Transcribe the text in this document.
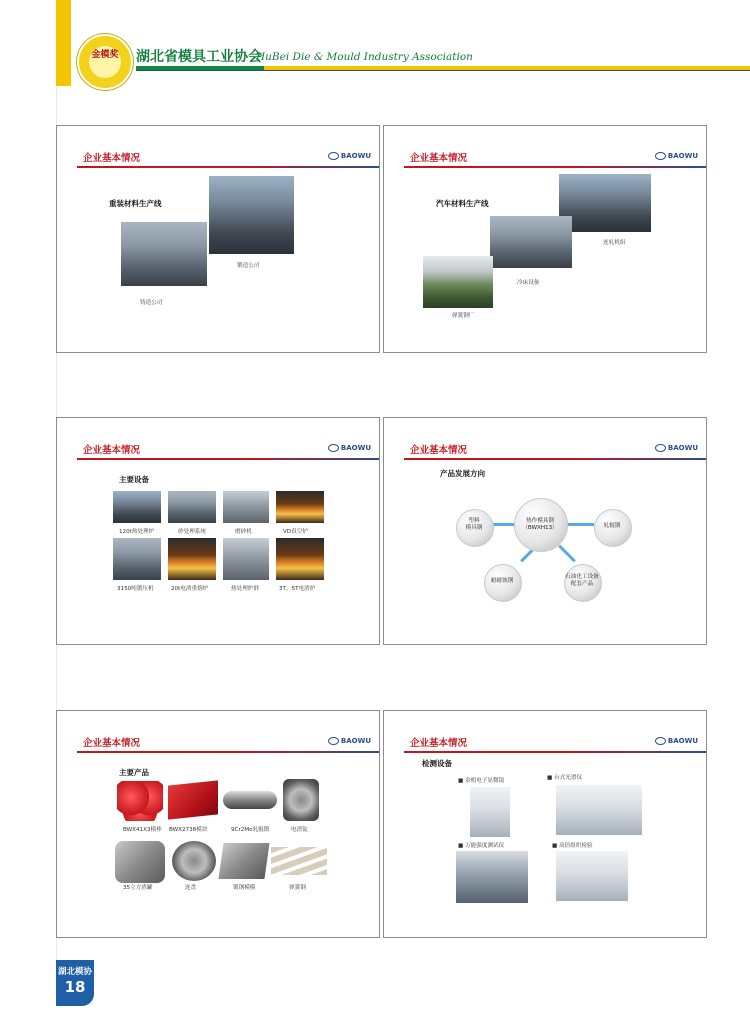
金模奖 湖北省模具工业协会
HuBei Die & Mould Industry Association
企业基本情况	BAOWU
重装材料生产线
锻造公司
铸造公司
企业基本情况	BAOWU
汽车材料生产线
连轧机组
冷床设备
弹簧钢厂
企业基本情况	BAOWU
主要设备
120t热处理炉	砂处理系统	磨砂机	VD真空炉
3150吨锻压机	20t电渣重熔炉	热处理炉群	3T、5T电渣炉
企业基本情况	BAOWU
产品发展方向
热作模具钢
（BWXH13）
塑料
模具钢	轧辊钢
耐耐蚀钢
石油化工设备
配套产品
企业基本情况	BAOWU
主要产品
BWX41X3模棒 BWX2738模块	9Cr2Mo轧辊锻	电渣锭
35立方渣罐	连盘	锻钢模模	弹簧钢
企业基本情况	BAOWU
检测设备
■ 金相电子显微镜	■ 台式光谱仪
■ 万能强度测试仪	■ 高倍组织检验
湖北模协
18
